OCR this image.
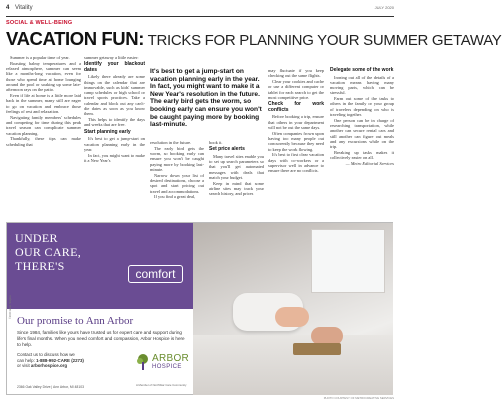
4 Vitality	JULY 2020
SOCIAL & WELL-BEING
VACATION FUN: TRICKS FOR PLANNING YOUR SUMMER GETAWAY

Summer is a popular time of year.

Boasting balmy temperatures and a relaxed atmosphere, summer can seem like a months-long vacation, even for those who spend time at home lounging around the pool or soaking up some late-afternoon rays on the patio.

Even if life at home is a little more laid back in the summer, many still are eager to go on vacation and embrace those feelings of rest and relaxation.

Navigating family members' schedules and competing for time during this peak travel season can complicate summer vacation planning.

Thankfully, these tips can make scheduling that

summer getaway a little easier:

Identify your blackout dates

Likely there already are some things on the calendar that are immovable, such as kids' summer camp schedules or high school or travel sports practices. Take a calendar and block out any can't-die dates as soon as you know them.

This helps to identify the days and weeks that are free.

Start planning early

It's best to get a jump-start on vacation planning early in the year.

In fact, you might want to make it a New Year's

It's best to get a jump-start on vacation planning early in the year. In fact, you might want to make it a New Year's resolution in the future. The early bird gets the worm, so booking early can ensure you won't be caught paying more by booking last-minute.

resolution in the future.

The early bird gets the worm, so booking early can ensure you won't be caught paying more by booking last-minute.

Narrow down your list of desired destinations, choose a spot and start pricing out travel and accommodations.

If you find a great deal,

book it.

Set price alerts

Many travel sites enable you to set up search parameters so that you'll get automated messages with deals that match your budget.

Keep in mind that some airline sites may track your search history, and prices

may fluctuate if you keep checking out the same flights.

Clear your cookies and cache or use a different computer or tablet for each search to get the most competitive price.

Check for work conflicts

Before booking a trip, ensure that others in your department will not be out the same days.

Often companies frown upon having too many people out concurrently because they need to keep the work flowing.

It's best to first clear vacation days with co-workers or a supervisor well in advance to ensure there are no conflicts.

Delegate some of the work

Ironing out all of the details of a vacation means having many moving parts, which can be stressful.

Farm out some of the tasks to others in the family or your group of travelers depending on who is traveling together.

One person can be in charge of researching transportation, while another can secure rental cars and still another can figure out meals and any excursions while on the trip.

Breaking up tasks makes it collectively easier on all.

— Metro Editorial Services

UNDER
OUR CARE,
THERE'S
comfort
©2020 Arbor Hospice
Our promise to Ann Arbor
Since 1984, families like yours have trusted us for expert care and support during life's final months. When you need comfort and compassion, Arbor Hospice is here to help.
Contact us to discuss how we
can help: 1-888-992-CARE (2273)
or visit arborhospice.org
2366 Oak Valley Drive | Ann Arbor, MI 48103
ARBOR
HOSPICE
A Member of NorthStar Care Community
PHOTO COURTESY OF METROCREATIVE SERVICES
